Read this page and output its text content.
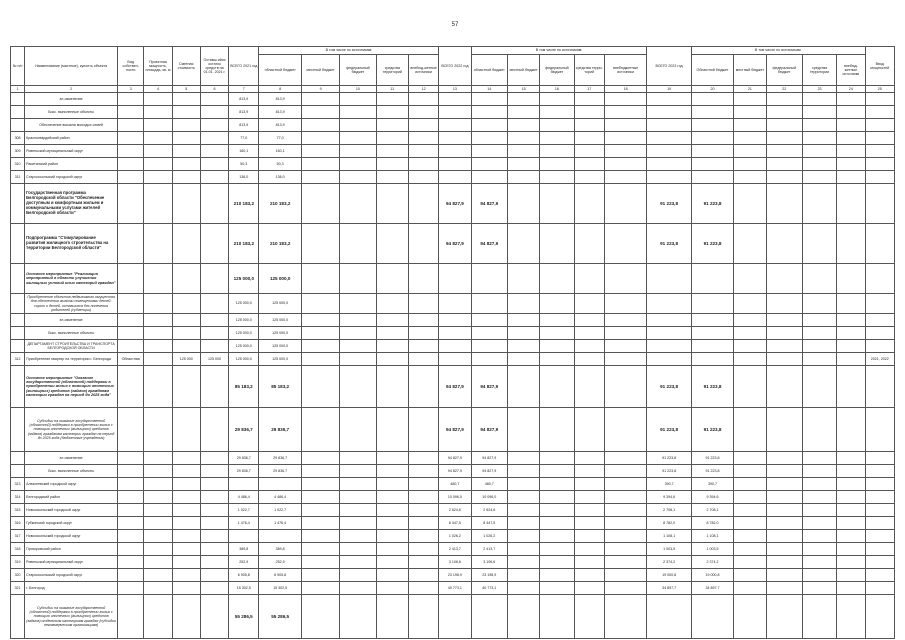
57
№ п/п	Наименование (мастные), куполть объекта	Вид собствен-ности	Проектная мощность, площадь, кв. м	Сметная стоимость	Оставш-ийся остаток средств на 01.01. 2021 г.	ВСЕГО 2021 год	В том числе по источникам:					ВСЕГО 2022 год	В том числе по источникам:					ВСЕГО 2023 год	В том числе по источникам:					Ввод мощностей
							областной бюджет	местный бюджет	федеральный бюджет	средства территорий	внебюд-жетные источники		областной бюджет	местный бюджет	федеральный бюджет	средства терри-торий	внебюджетные источники		Областной бюджет	местный бюджет	федеральный бюджет	средства территории	внебюд-жетные источники	
1	2	3	4	5	6	7	8	9	10	11	12	13	14	15	16	17	18	19	20	21	22	23	24	25
	эл-изменение					813,9	813,9																	
	Бокс. выполенные объекты					813,9	813,9																	
	Обеспечение вокзала молодых семей					813,9	813,9																	
308	Красногвардейский район					77,0	77,0																	
309	Ровеньский муниципальный округ					160,1	160,1																	
310	Ракитянский район					50,3	50,3																	
311	Старооскольский городской округ					136,0	136,0																	
	Государственная программа Белгородской области "Обеспечение доступным и комфортным жильем и коммунальными услугами жителей Белгородской области"					210 183,2	210 183,2					94 827,9	94 827,9					91 223,8	91 223,8					
	Подпрограмма "Стимулирование развития жилищного строительства на территории Белгородской области"					210 183,2	210 183,2					94 827,9	94 827,9					91 223,8	91 223,8					
	Основное мероприятие "Реализация мероприятий в области улучшения жилищных условий иных категорий граждан"					125 000,0	125 000,0																	
	Приобретение объектов недвижимого имущества для обеспечения жилыми помещениями детей-сирот и детей, оставшихся без попечения родителей (субвенции)					125 000,0	125 000,0																	
	эл-изменение					125 000,0	125 000,0																	
	Бокс. выполенные объекты					125 000,0	125 000,0																	
	ДЕПАРТАМЕНТ СТРОИТЕЛЬСТВА И ТРАНСПОРТА БЕЛГОРОДСКОЙ ОБЛАСТИ					125 000,0	125 000,0																	
312	Приобретение квартир на территории г. Белгорода	Областная		125 000	125 000	125 000,0	125 000,0																	2021, 2022
	Основное мероприятие "Оказание государственной (областной) поддержки в приобретении жилья с помощью ипотечных (жилищных) кредитов (займов) гражданам категории граждан на период до 2025 года"					85 183,2	85 183,2					94 827,9	94 827,9					91 223,8	91 223,8					
	Субсидии на оказание государственной (областной) поддержки в приобретении жилья с помощью ипотечных (жилищных) кредитов (займов) гражданам категории граждан на период до 2025 года (бюджетные учреждения)					29 836,7	29 836,7					94 827,9	94 827,9					91 223,8	91 223,8					
	эл-изменение					29 836,7	29 836,7					94 827,9	94 827,9					91 223,8	91 223,8					
	Бокс. выполенные объекты					29 836,7	29 836,7					94 827,9	94 827,9					91 223,8	91 223,8					
313	Алексеевский городской округ											480,7	480,7					390,7	390,7					
314	Белгородский район					4 486,4	4 486,4					10 096,0	10 096,0					9 394,6	9 394,6					
315	Новооскольский городской округ					1 022,7	1 022,7					2 624,6	2 624,6					2 708,1	2 708,1					
316	Губкинский городской округ					1 476,4	1 476,4					8 447,5	8 447,5					8 782,0	8 782,0					
317	Новооскольский городской округ											1 026,2	1 026,2					1 108,1	1 108,1					
318	Прохоровский район					389,8	389,8					2 413,7	2 413,7					1 003,5	1 003,5					
319	Ровеньский муниципальный округ					252,9	252,9					3 106,6	3 106,6					2 374,2	2 374,2					
320	Старооскольский городской округ					6 905,8	6 905,8					23 198,9	23 198,9					19 000,8	19 000,8					
321	г. Белгород					15 302,5	15 302,5					40 773,1	40 773,1					34 897,7	34 897,7					
	Субсидии на оказание государственной (областной) поддержки в приобретении жилья с помощью ипотечных (жилищных) кредитов (займов) отдельным категориям граждан (субсидии некоммерческим организациям)					55 286,5	55 286,5																	
